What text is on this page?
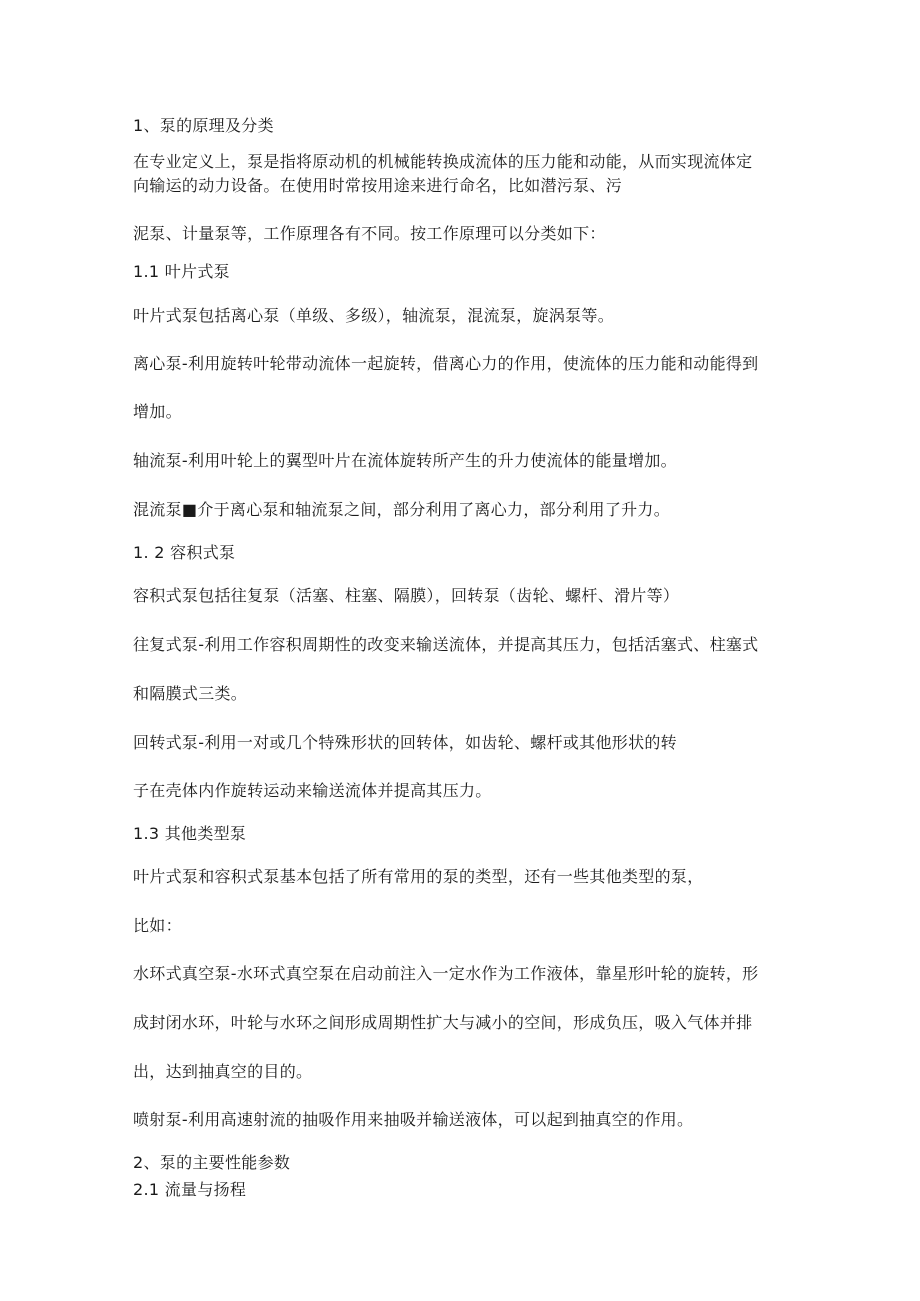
1、泵的原理及分类
在专业定义上，泵是指将原动机的机械能转换成流体的压力能和动能，从而实现流体定
向输运的动力设备。在使用时常按用途来进行命名，比如潜污泵、污
泥泵、计量泵等，工作原理各有不同。按工作原理可以分类如下：
1.1 叶片式泵
叶片式泵包括离心泵（单级、多级），轴流泵，混流泵，旋涡泵等。
离心泵-利用旋转叶轮带动流体一起旋转，借离心力的作用，使流体的压力能和动能得到
增加。
轴流泵-利用叶轮上的翼型叶片在流体旋转所产生的升力使流体的能量增加。
混流泵■介于离心泵和轴流泵之间，部分利用了离心力，部分利用了升力。
1. 2 容积式泵
容积式泵包括往复泵（活塞、柱塞、隔膜），回转泵（齿轮、螺杆、滑片等）
往复式泵-利用工作容积周期性的改变来输送流体，并提高其压力，包括活塞式、柱塞式
和隔膜式三类。
回转式泵-利用一对或几个特殊形状的回转体，如齿轮、螺杆或其他形状的转
子在壳体内作旋转运动来输送流体并提高其压力。
1.3 其他类型泵
叶片式泵和容积式泵基本包括了所有常用的泵的类型，还有一些其他类型的泵，
比如：
水环式真空泵-水环式真空泵在启动前注入一定水作为工作液体，靠星形叶轮的旋转，形
成封闭水环，叶轮与水环之间形成周期性扩大与减小的空间，形成负压，吸入气体并排
出，达到抽真空的目的。
喷射泵-利用高速射流的抽吸作用来抽吸并输送液体，可以起到抽真空的作用。
2、泵的主要性能参数
2.1 流量与扬程
